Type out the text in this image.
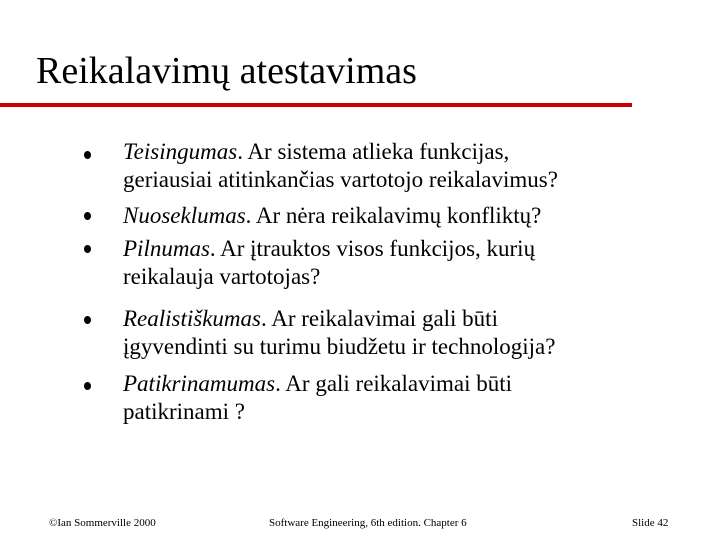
Reikalavimų atestavimas
Teisingumas. Ar sistema atlieka funkcijas,
geriausiai atitinkančias vartotojo reikalavimus?
Nuoseklumas. Ar nėra reikalavimų konfliktų?
Pilnumas. Ar įtrauktos visos funkcijos, kurių
reikalauja vartotojas?
Realistiškumas. Ar reikalavimai gali būti
įgyvendinti su turimu biudžetu ir technologija?
Patikrinamumas. Ar gali reikalavimai būti
patikrinami ?
©Ian Sommerville 2000	Software Engineering, 6th edition. Chapter 6	Slide 42
